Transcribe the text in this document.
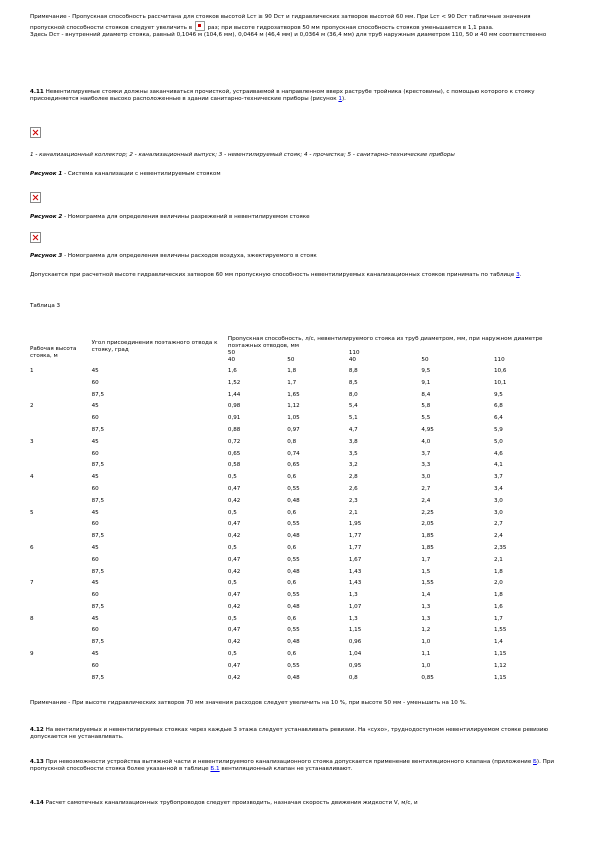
Примечание - Пропускная способность рассчитана для стояков высотой Lст ≥ 90 Dст и гидравлических затворов высотой 60 мм. При Lст < 90 Dст табличные значения пропускной способности стояков следует увеличить в	раз; при высоте гидрозатворов 50 мм пропускная способность стояков уменьшается в 1,1 раза.

Здесь Dст - внутренний диаметр стояка, равный 0,1046 м (104,6 мм), 0,0464 м (46,4 мм) и 0,0364 м (36,4 мм) для труб наружным диаметром 110, 50 и 40 мм соответственно

4.11 Невентилируемые стояки должны заканчиваться прочисткой, устраиваемой в направленном вверх раструбе тройника (крестовины), с помощью которого к стояку присоединяется наиболее высоко расположенные в здании санитарно-технические приборы (рисунок 1).

1 - канализационный коллектор; 2 - канализационный выпуск; 3 - невентилируемый стояк; 4 - прочистка; 5 - санитарно-технические приборы

Рисунок 1 - Система канализации с невентилируемым стояком

Рисунок 2 - Номограмма для определения величины разрежений в невентилируемом стояке

Рисунок 3 - Номограмма для определения величины расходов воздуха, эжектируемого в стояк

Допускается при расчетной высоте гидравлических затворов 60 мм пропускную способность невентилируемых канализационных стояков принимать по таблице 3.

Таблица 3

Рабочая высота стояка, м	Угол присоединения поэтажного отвода к стояку, град	Пропускная способность, л/с, невентилируемого стояка из труб диаметром, мм, при наружном диаметре поэтажных отводов, мм				
		50		110		
		40	50	40	50	110
1	45	1,6	1,8	8,8	9,5	10,6
	60	1,52	1,7	8,5	9,1	10,1
	87,5	1,44	1,65	8,0	8,4	9,5
2	45	0,98	1,12	5,4	5,8	6,8
	60	0,91	1,05	5,1	5,5	6,4
	87,5	0,88	0,97	4,7	4,95	5,9
3	45	0,72	0,8	3,8	4,0	5,0
	60	0,65	0,74	3,5	3,7	4,6
	87,5	0,58	0,65	3,2	3,3	4,1
4	45	0,5	0,6	2,8	3,0	3,7
	60	0,47	0,55	2,6	2,7	3,4
	87,5	0,42	0,48	2,3	2,4	3,0
5	45	0,5	0,6	2,1	2,25	3,0
	60	0,47	0,55	1,95	2,05	2,7
	87,5	0,42	0,48	1,77	1,85	2,4
6	45	0,5	0,6	1,77	1,85	2,35
	60	0,47	0,55	1,67	1,7	2,1
	87,5	0,42	0,48	1,43	1,5	1,8
7	45	0,5	0,6	1,43	1,55	2,0
	60	0,47	0,55	1,3	1,4	1,8
	87,5	0,42	0,48	1,07	1,3	1,6
8	45	0,5	0,6	1,3	1,3	1,7
	60	0,47	0,55	1,15	1,2	1,55
	87,5	0,42	0,48	0,96	1,0	1,4
9	45	0,5	0,6	1,04	1,1	1,15
	60	0,47	0,55	0,95	1,0	1,12
	87,5	0,42	0,48	0,8	0,85	1,15

Примечание - При высоте гидравлических затворов 70 мм значения расходов следует увеличить на 10 %, при высоте 50 мм - уменьшить на 10 %.

4.12 На вентилируемых и невентилируемых стояках через каждые 3 этажа следует устанавливать ревизии. На «сухо», труднодоступном невентилируемом стояке ревизию допускается не устанавливать.

4.13 При невозможности устройства вытяжной части и невентилируемого канализационного стояка допускается применение вентиляционного клапана (приложение Б). При пропускной способности стояка более указанной в таблице Б.1 вентиляционный клапан не устанавливают.

4.14 Расчет самотечных канализационных трубопроводов следует производить, назначая скорость движения жидкости V, м/с, и
